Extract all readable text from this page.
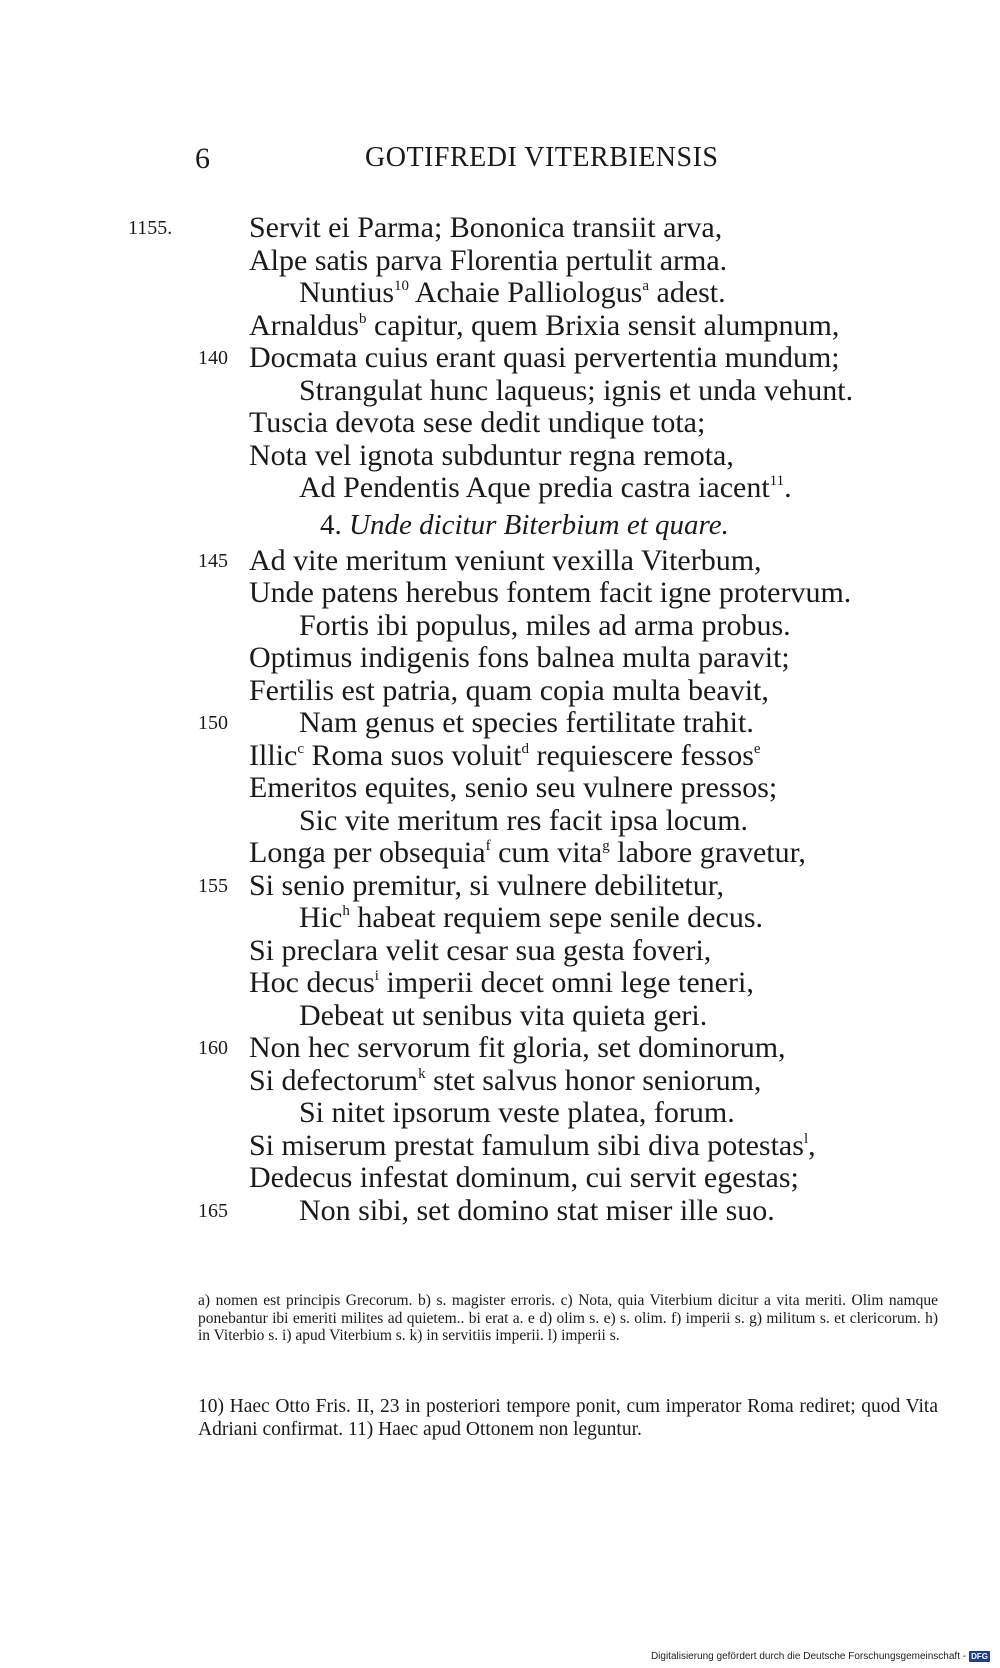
6	GOTIFREDI VITERBIENSIS
1155.	Servit ei Parma; Bononica transiit arva,
Alpe satis parva Florentia pertulit arma.
Nuntius$^{10}$ Achaie Palliologus$^a$ adest.
Arnaldus$^b$ capitur, quem Brixia sensit alumpnum,
140 Docmata cuius erant quasi pervertentia mundum;
Strangulat hunc laqueus; ignis et unda vehunt.
Tuscia devota sese dedit undique tota;
Nota vel ignota subduntur regna remota,
Ad Pendentis Aque predia castra iacent$^{11}$.
4. Unde dicitur Biterbium et quare.
145 Ad vite meritum veniunt vexilla Viterbum,
Unde patens herebus fontem facit igne protervum.
Fortis ibi populus, miles ad arma probus.
Optimus indigenis fons balnea multa paravit;
Fertilis est patria, quam copia multa beavit,
150 Nam genus et species fertilitate trahit.
Illic$^c$ Roma suos voluit$^d$ requiescere fessos$^e$
Emeritos equites, senio seu vulnere pressos;
Sic vite meritum res facit ipsa locum.
Longa per obsequia$^f$ cum vita$^g$ labore gravetur,
155 Si senio premitur, si vulnere debilitetur,
Hic$^h$ habeat requiem sepe senile decus.
Si preclara velit cesar sua gesta foveri,
Hoc decus$^i$ imperii decet omni lege teneri,
Debeat ut senibus vita quieta geri.
160 Non hec servorum fit gloria, set dominorum,
Si defectorum$^k$ stet salvus honor seniorum,
Si nitet ipsorum veste platea, forum.
Si miserum prestat famulum sibi diva potestas$^l$,
Dedecus infestat dominum, cui servit egestas;
165 Non sibi, set domino stat miser ille suo.
a) nomen est principis Grecorum. b) s. magister erroris. c) Nota, quia Viterbium dicitur a vita meriti. Olim namque ponebantur ibi emeriti milites ad quietem.. bi erat a. e d) olim s. e) s. olim. f) imperii s. g) militum s. et clericorum. h) in Viterbio s. i) apud Viterbium s. k) in servitiis imperii. l) imperii s.
10) Haec Otto Fris. II, 23 in posteriori tempore ponit, cum imperator Roma rediret; quod Vita Adriani confirmat. 11) Haec apud Ottonem non leguntur.
Digitalisierung gefördert durch die Deutsche Forschungsgemeinschaft - DFG
